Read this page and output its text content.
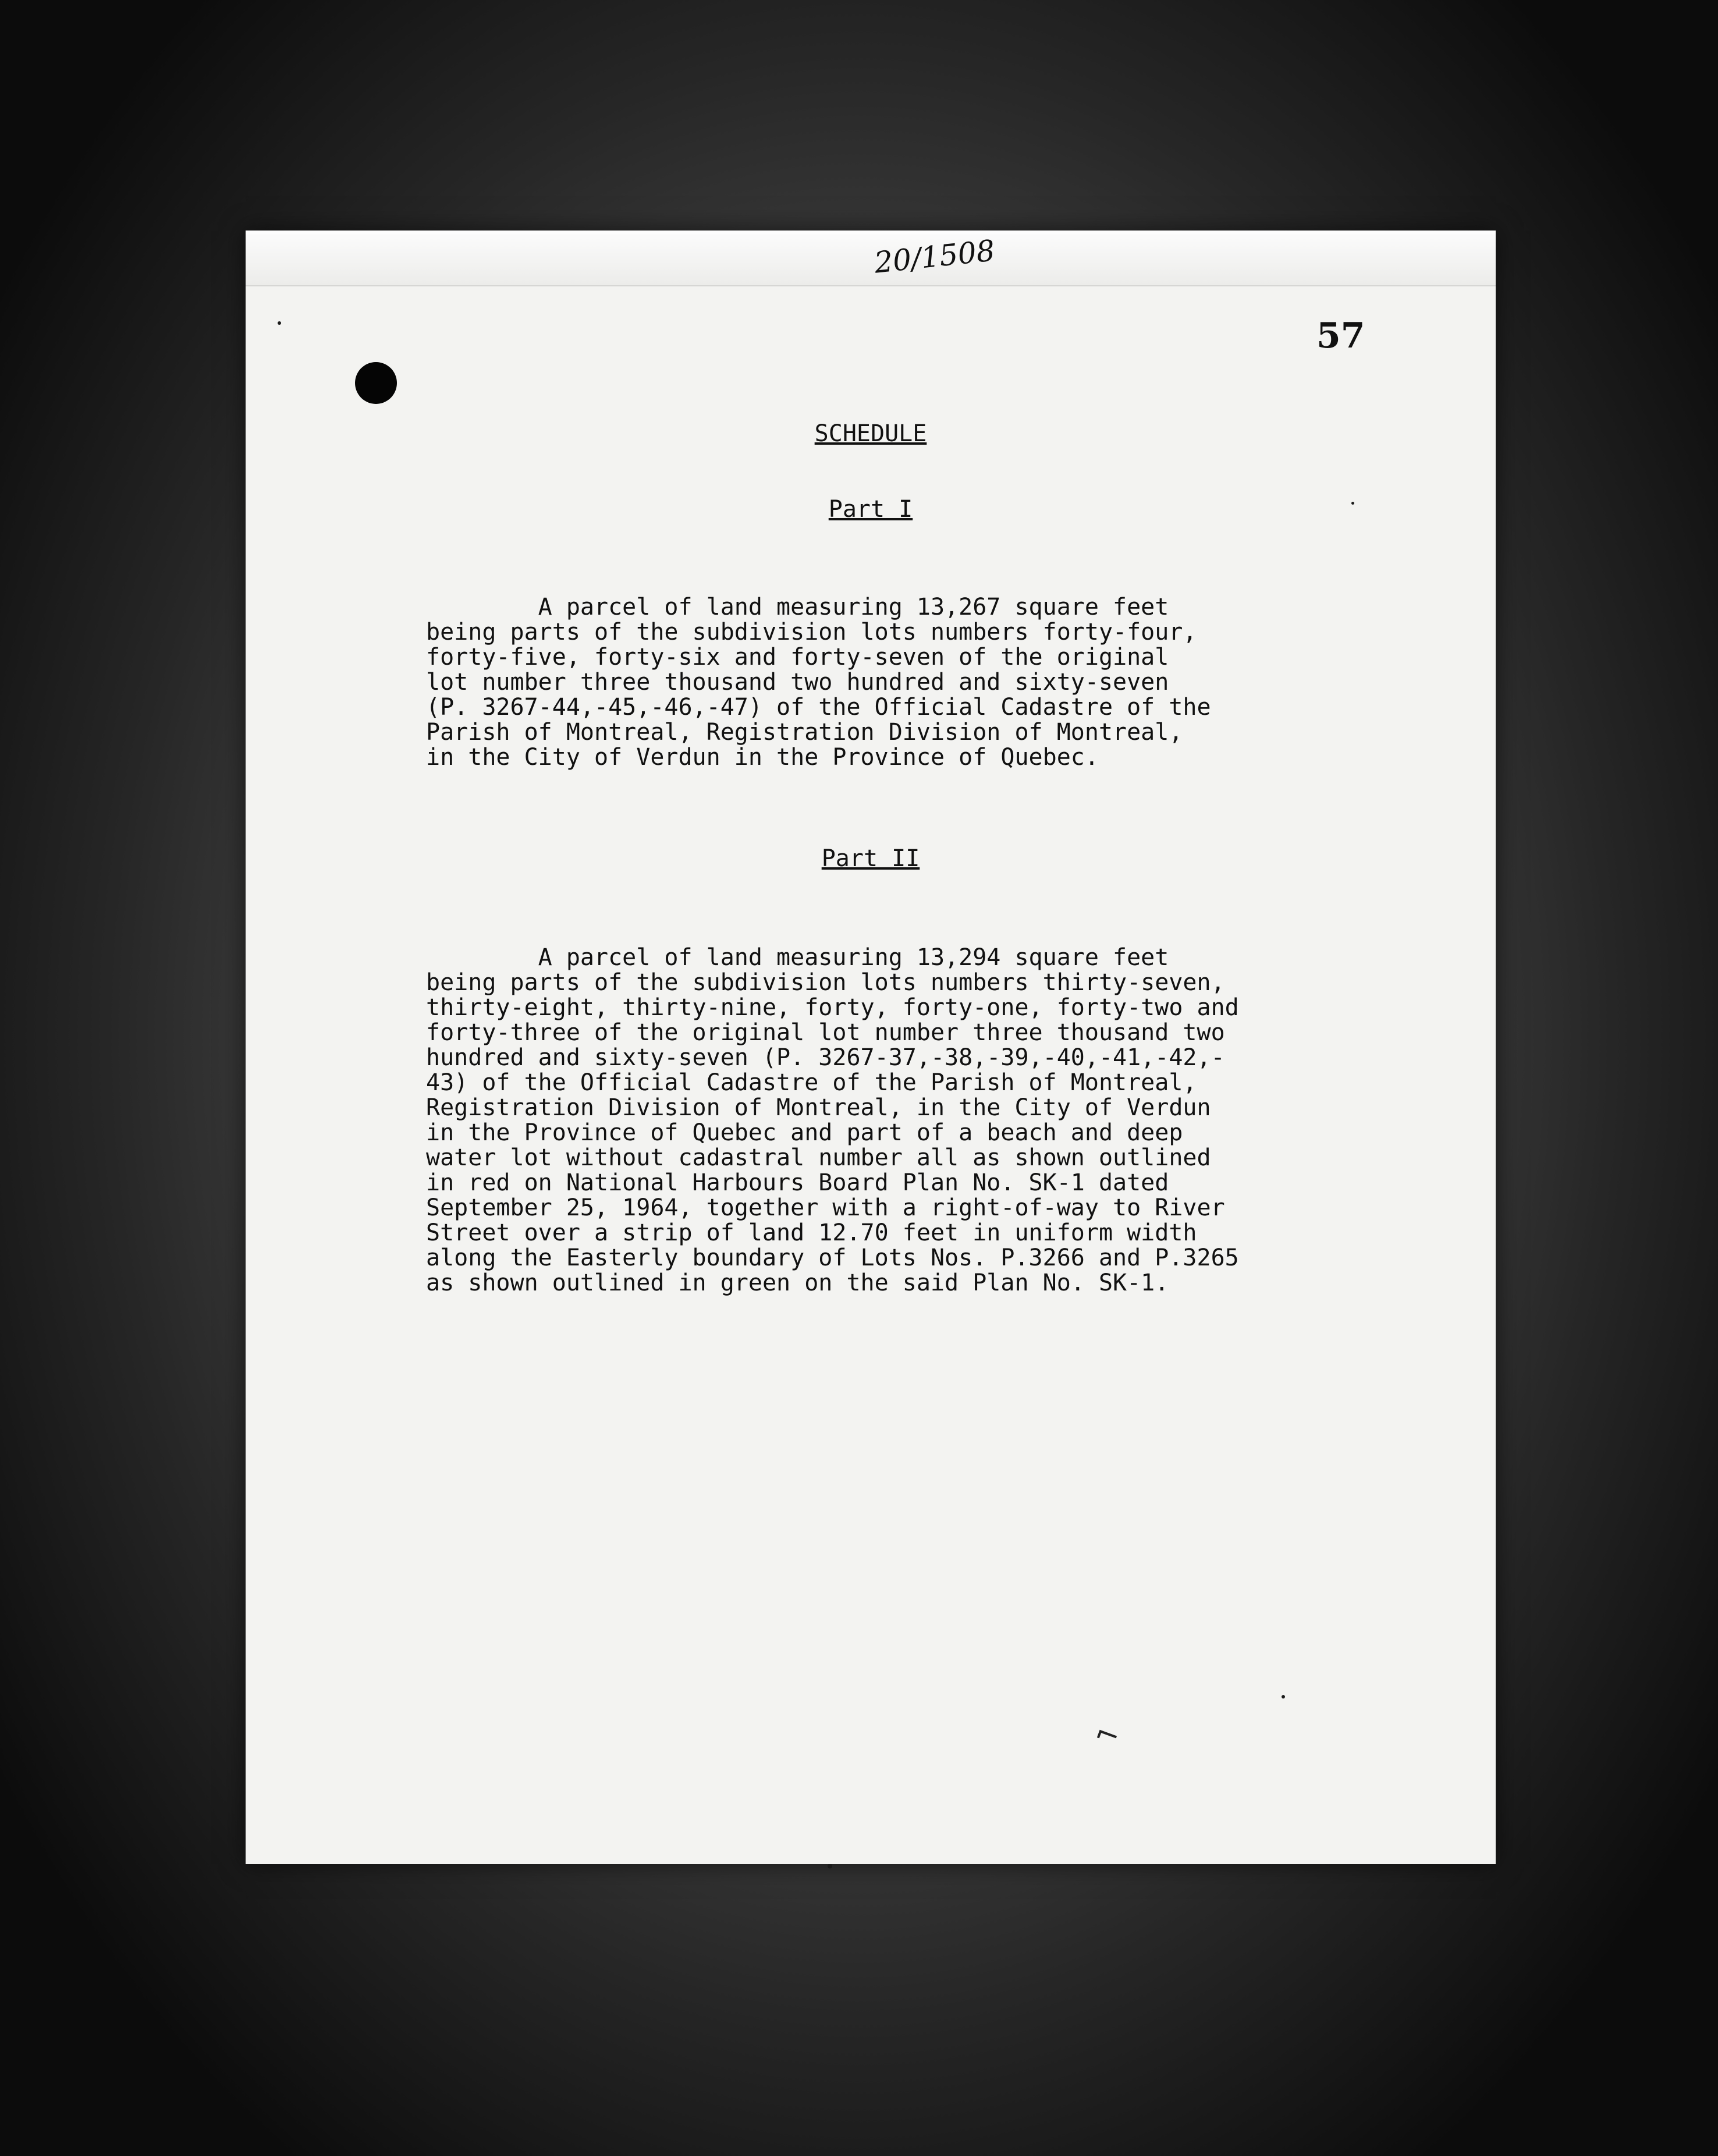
20/1508
57
SCHEDULE
Part I
A parcel of land measuring 13,267 square feet
being parts of the subdivision lots numbers forty-four,
forty-five, forty-six and forty-seven of the original
lot number three thousand two hundred and sixty-seven
(P. 3267-44,-45,-46,-47) of the Official Cadastre of the
Parish of Montreal, Registration Division of Montreal,
in the City of Verdun in the Province of Quebec.
Part II
A parcel of land measuring 13,294 square feet
being parts of the subdivision lots numbers thirty-seven,
thirty-eight, thirty-nine, forty, forty-one, forty-two and
forty-three of the original lot number three thousand two
hundred and sixty-seven (P. 3267-37,-38,-39,-40,-41,-42,-
43) of the Official Cadastre of the Parish of Montreal,
Registration Division of Montreal, in the City of Verdun
in the Province of Quebec and part of a beach and deep
water lot without cadastral number all as shown outlined
in red on National Harbours Board Plan No. SK-1 dated
September 25, 1964, together with a right-of-way to River
Street over a strip of land 12.70 feet in uniform width
along the Easterly boundary of Lots Nos. P.3266 and P.3265
as shown outlined in green on the said Plan No. SK-1.
⌐
